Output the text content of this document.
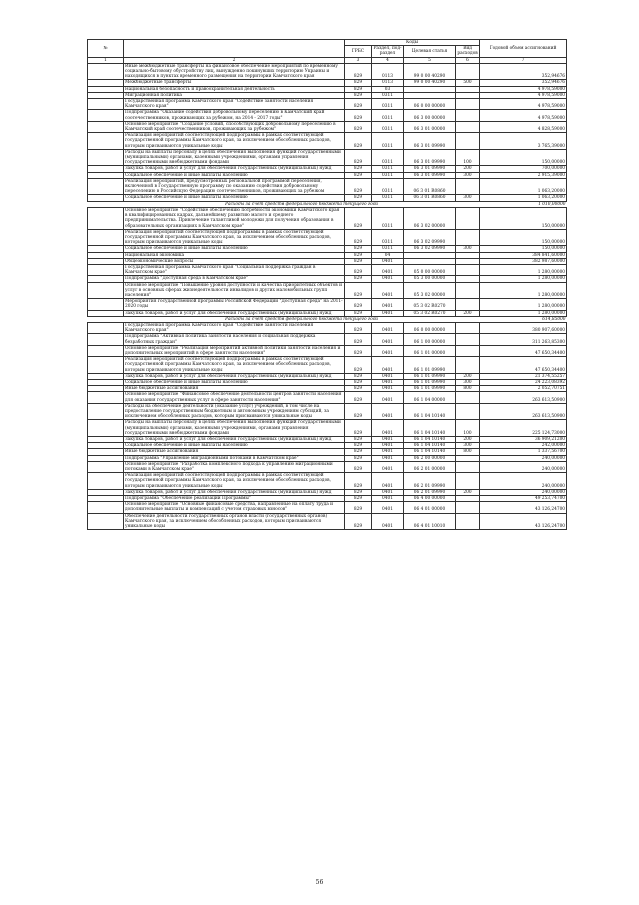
№		Коды				Годовой объем ассигнований
		ГРБС	Раздел, под-раздел	Целевая статья	Вид расходов	
1	2	3	4	5	6	7
	Иные межбюджетные трансферты на финансовое обеспечение мероприятий по временному социально-бытовому обустройству лиц, вынужденно покинувших территорию Украины и находящихся в пунктах временного размещения на территории Камчатского края	829	0113	99 0 00 40290		352,94676
	Межбюджетные трансферты	829	0113	99 0 00 40290	500	352,94676
	Национальная безопасность и правоохранительная деятельность	829	03			4 978,59000
	Миграционная политика	829	0311			4 978,59000
	Государственная программа Камчатского края "Содействие занятости населения Камчатского края"	829	0311	06 0 00 00000		4 978,59000
	Подпрограмма "Оказание содействия добровольному переселению в Камчатский край соотечественников, проживающих за рубежом, на 2014 - 2017 годы"	829	0311	06 3 00 00000		4 978,59000
	Основное мероприятие "Создание условий, способствующих добровольному переселению в Камчатский край соотечественников, проживающих за рубежом"	829	0311	06 3 01 00000		4 828,59000
	Реализация мероприятий соответствующей подпрограммы в рамках соответствующей государственной программы Камчатского края, за исключением обособленных расходов, которым присваиваются уникальные коды	829	0311	06 3 01 09990		3 765,39000
	Расходы на выплаты персоналу в целях обеспечения выполнения функций государственными (муниципальными) органами, казенными учреждениями, органами управления государственными внебюджетными фондами	829	0311	06 3 01 09990	100	150,00000
	Закупка товаров, работ и услуг для обеспечения государственных (муниципальных) нужд	829	0311	06 3 01 09990	200	700,00000
	Социальное обеспечение и иные выплаты населению	829	0311	06 3 01 09990	300	2 915,39000
	Реализация мероприятий, предусмотренных региональной программой переселения, включенной в Государственную программу по оказанию содействия добровольному переселению в Российскую Федерацию соотечественников, проживающих за рубежом	829	0311	06 3 01 R0860		1 063,20000
	Социальное обеспечение и иные выплаты населению	829	0311	06 3 01 R0860	300	1 063,20000
	Расходы за счет средств федерального бюджета текущего года					1 010,00000
	Основное мероприятие "Содействие обеспечению потребности экономики Камчатского края в квалифицированных кадрах, дальнейшему развитию малого и среднего предпринимательства. Привлечение талантливой молодежи для получения образования в образовательных организациях в Камчатском крае"	829	0311	06 3 02 00000		150,00000
	Реализация мероприятий соответствующей подпрограммы в рамках соответствующей государственной программы Камчатского края, за исключением обособленных расходов, которым присваиваются уникальные коды	829	0311	06 3 02 09990		150,00000
	Социальное обеспечение и иные выплаты населению	829	0311	06 3 02 09990	300	150,00000
	Национальная экономика	829	04			384 841,60000
	Общеэкономические вопросы	829	0401			382 987,60000
	Государственная программа Камчатского края "Социальная поддержка граждан в Камчатском крае"	829	0401	05 0 00 00000		1 280,00000
	Подпрограмма "Доступная среда в Камчатском крае"	829	0401	05 3 00 00000		1 280,00000
	Основное мероприятие "Повышение уровня доступности и качества приоритетных объектов и услуг в основных сферах жизнедеятельности инвалидов и других маломобильных групп населения"	829	0401	05 3 02 00000		1 280,00000
	Мероприятия государственной программы Российской Федерации "Доступная среда" на 2011-2020 годы	829	0401	05 3 02 R0270		1 280,00000
	Закупка товаров, работ и услуг для обеспечения государственных (муниципальных) нужд	829	0401	05 3 02 R0270	200	1 280,00000
	Расходы за счет средств федерального бюджета текущего года					614,85000
	Государственная программа Камчатского края "Содействие занятости населения Камчатского края"	829	0401	06 0 00 00000		380 907,60000
	Подпрограмма "Активная политика занятости населения и социальная поддержка безработных граждан"	829	0401	06 1 00 00000		311 263,85300
	Основное мероприятие "Реализация мероприятий активной политики занятости населения и дополнительных мероприятий в сфере занятости населения"	829	0401	06 1 01 00000		47 650,34400
	Реализация мероприятий соответствующей подпрограммы в рамках соответствующей государственной программы Камчатского края, за исключением обособленных расходов, которым присваиваются уникальные коды	829	0401	06 1 01 09990		47 650,34400
	Закупка товаров, работ и услуг для обеспечения государственных (муниципальных) нужд	829	0401	06 1 01 09990	200	21 374,55257
	Социальное обеспечение и иные выплаты населению	829	0401	06 1 01 09990	300	24 223,08392
	Иные бюджетные ассигнования	829	0401	06 1 01 09990	800	2 052,70751
	Основное мероприятие "Финансовое обеспечение деятельности центров занятости населения для оказания государственных услуг в сфере занятости населения"	829	0401	06 1 04 00000		263 613,50900
	Расходы на обеспечение деятельности (оказание услуг) учреждений, в том числе на предоставление государственным бюджетным и автономным учреждениям субсидий, за исключением обособленных расходов, которым присваиваются уникальные коды	829	0401	06 1 04 10140		263 613,50900
	Расходы на выплаты персоналу в целях обеспечения выполнения функций государственными (муниципальными) органами, казенными учреждениями, органами управления государственными внебюджетными фондами	829	0401	06 1 04 10140	100	225 124,73000
	Закупка товаров, работ и услуг для обеспечения государственных (муниципальных) нужд	829	0401	06 1 04 10140	200	36 909,21200
	Социальное обеспечение и иные выплаты населению	829	0401	06 1 04 10140	300	242,00000
	Иные бюджетные ассигнования	829	0401	06 1 04 10140	800	1 337,56700
	Подпрограмма "Управление миграционными потоками в Камчатском крае"	829	0401	06 2 00 00000		240,00000
	Основное мероприятие "Разработка комплексного подхода к управлению миграционными потоками в Камчатском крае"	829	0401	06 2 01 00000		240,00000
	Реализация мероприятий соответствующей подпрограммы в рамках соответствующей государственной программы Камчатского края, за исключением обособленных расходов, которым присваиваются уникальные коды	829	0401	06 2 01 09990		240,00000
	Закупка товаров, работ и услуг для обеспечения государственных (муниципальных) нужд	829	0401	06 2 01 09990	200	240,00000
	Подпрограмма "Обеспечение реализации Программы"	829	0401	06 4 00 00000		49 253,74700
	Основное мероприятие "Основные финансовые средства, направленные на оплату труда и дополнительные выплаты и компенсаций с учетом страховых взносов"	829	0401	06 4 01 00000		43 126,24700
	Обеспечение деятельности государственных органов власти (государственных органов) Камчатского края, за исключением обособленных расходов, которым присваиваются уникальные коды	829	0401	06 4 01 10010		43 126,24700
56
